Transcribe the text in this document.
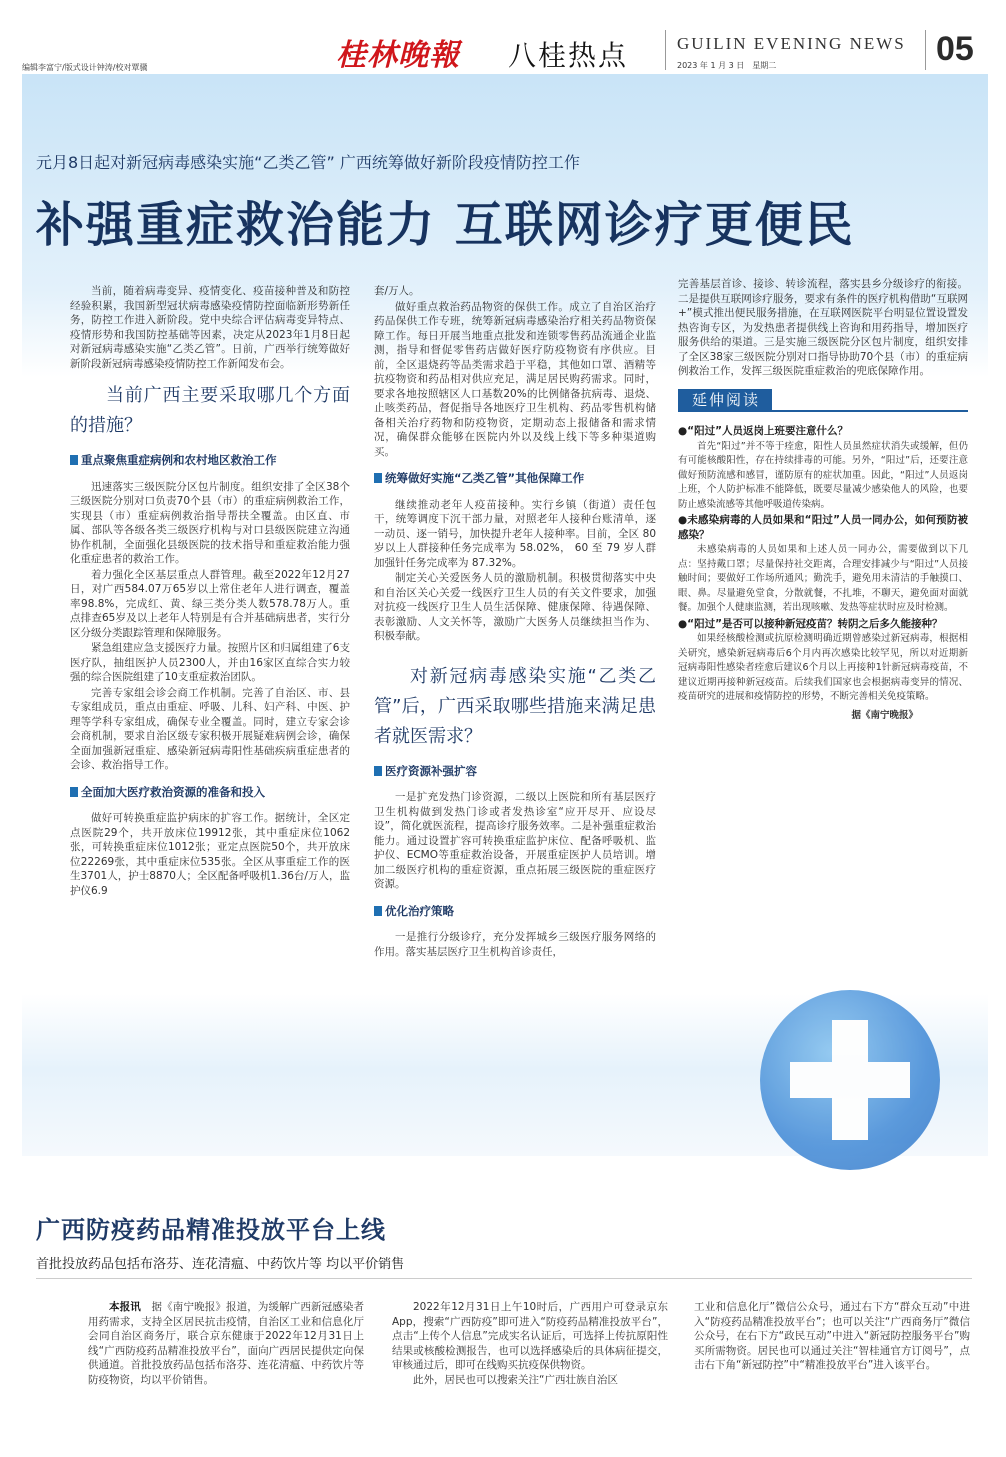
编辑李富宁/版式设计钟涛/校对覃骥	桂林晚報 八桂热点	GUILIN EVENING NEWS
2023 年 1 月 3 日　星期二	05
元月8日起对新冠病毒感染实施“乙类乙管” 广西统筹做好新阶段疫情防控工作
补强重症救治能力 互联网诊疗更便民

当前，随着病毒变异、疫情变化、疫苗接种普及和防控经验积累，我国新型冠状病毒感染疫情防控面临新形势新任务，防控工作进入新阶段。党中央综合评估病毒变异特点、疫情形势和我国防控基础等因素，决定从2023年1月8日起对新冠病毒感染实施“乙类乙管”。日前，广西举行统筹做好新阶段新冠病毒感染疫情防控工作新闻发布会。

当前广西主要采取哪几个方面的措施？
重点聚焦重症病例和农村地区救治工作

迅速落实三级医院分区包片制度。组织安排了全区38个三级医院分别对口负责70个县（市）的重症病例救治工作，实现县（市）重症病例救治指导帮扶全覆盖。由区直、市属、部队等各级各类三级医疗机构与对口县级医院建立沟通协作机制，全面强化县级医院的技术指导和重症救治能力强化重症患者的救治工作。

着力强化全区基层重点人群管理。截至2022年12月27日，对广西584.07万65岁以上常住老年人进行调查，覆盖率98.8%，完成红、黄、绿三类分类人数578.78万人。重点排查65岁及以上老年人特别是有合并基础病患者，实行分区分级分类跟踪管理和保障服务。

紧急组建应急支援医疗力量。按照片区和归属组建了6支医疗队，抽组医护人员2300人，并由16家区直综合实力较强的综合医院组建了10支重症救治团队。

完善专家组会诊会商工作机制。完善了自治区、市、县专家组成员，重点由重症、呼吸、儿科、妇产科、中医、护理等学科专家组成，确保专业全覆盖。同时，建立专家会诊会商机制，要求自治区级专家积极开展疑难病例会诊，确保全面加强新冠重症、感染新冠病毒阳性基础疾病重症患者的会诊、救治指导工作。

全面加大医疗救治资源的准备和投入

做好可转换重症监护病床的扩容工作。据统计，全区定点医院29个，共开放床位19912张，其中重症床位1062张，可转换重症床位1012张；亚定点医院50个，共开放床位22269张，其中重症床位535张。全区从事重症工作的医生3701人，护士8870人；全区配备呼吸机1.36台/万人，监护仪6.9

套/万人。

做好重点救治药品物资的保供工作。成立了自治区治疗药品保供工作专班，统筹新冠病毒感染治疗相关药品物资保障工作。每日开展当地重点批发和连锁零售药品流通企业监测，指导和督促零售药店做好医疗防疫物资有序供应。目前，全区退烧药等品类需求趋于平稳，其他如口罩、酒精等抗疫物资和药品相对供应充足，满足居民购药需求。同时，要求各地按照辖区人口基数20%的比例储备抗病毒、退烧、止咳类药品，督促指导各地医疗卫生机构、药品零售机构储备相关治疗药物和防疫物资，定期动态上报储备和需求情况，确保群众能够在医院内外以及线上线下等多种渠道购买。

统筹做好实施“乙类乙管”其他保障工作

继续推动老年人疫苗接种。实行乡镇（街道）责任包干，统筹调度下沉干部力量，对照老年人接种台账清单，逐一动员、逐一销号，加快提升老年人接种率。目前，全区 80 岁以上人群接种任务完成率为 58.02%， 60 至 79 岁人群加强针任务完成率为 87.32%。

制定关心关爱医务人员的激励机制。积极贯彻落实中央和自治区关心关爱一线医疗卫生人员的有关文件要求，加强对抗疫一线医疗卫生人员生活保障、健康保障、待遇保障、表彰激励、人文关怀等，激励广大医务人员继续担当作为、积极奉献。

对新冠病毒感染实施“乙类乙管”后，广西采取哪些措施来满足患者就医需求？
医疗资源补强扩容

一是扩充发热门诊资源，二级以上医院和所有基层医疗卫生机构做到发热门诊或者发热诊室“应开尽开、应设尽设”，简化就医流程，提高诊疗服务效率。二是补强重症救治能力。通过设置扩容可转换重症监护床位、配备呼吸机、监护仪、ECMO等重症救治设备，开展重症医护人员培训。增加二级医疗机构的重症资源，重点拓展三级医院的重症医疗资源。

优化治疗策略

一是推行分级诊疗，充分发挥城乡三级医疗服务网络的作用。落实基层医疗卫生机构首诊责任，

完善基层首诊、接诊、转诊流程，落实县乡分级诊疗的衔接。二是提供互联网诊疗服务，要求有条件的医疗机构借助“互联网+”模式推出便民服务措施，在互联网医院平台明显位置设置发热咨询专区，为发热患者提供线上咨询和用药指导，增加医疗服务供给的渠道。三是实施三级医院分区包片制度，组织安排了全区38家三级医院分别对口指导协助70个县（市）的重症病例救治工作，发挥三级医院重症救治的兜底保障作用。

延伸阅读

●“阳过”人员返岗上班要注意什么？

首先“阳过”并不等于痊愈，阳性人员虽然症状消失或缓解，但仍有可能核酸阳性，存在持续排毒的可能。另外，“阳过”后，还要注意做好预防流感和感冒，谨防原有的症状加重。因此，“阳过”人员返岗上班，个人防护标准不能降低，既要尽量减少感染他人的风险，也要防止感染流感等其他呼吸道传染病。

●未感染病毒的人员如果和“阳过”人员一同办公，如何预防被感染？

未感染病毒的人员如果和上述人员一同办公，需要做到以下几点：坚持戴口罩；尽量保持社交距离，合理安排减少与“阳过”人员接触时间；要做好工作场所通风；勤洗手，避免用未清洁的手触摸口、眼、鼻。尽量避免堂食，分散就餐，不扎堆，不聊天，避免面对面就餐。加强个人健康监测，若出现咳嗽、发热等症状时应及时检测。

●“阳过”是否可以接种新冠疫苗？转阴之后多久能接种？

如果经核酸检测或抗原检测明确近期曾感染过新冠病毒，根据相关研究，感染新冠病毒后6个月内再次感染比较罕见，所以对近期新冠病毒阳性感染者痊愈后建议6个月以上再接种1针新冠病毒疫苗，不建议近期再接种新冠疫苗。后续我们国家也会根据病毒变异的情况、疫苗研究的进展和疫情防控的形势，不断完善相关免疫策略。

据《南宁晚报》

广西防疫药品精准投放平台上线
首批投放药品包括布洛芬、连花清瘟、中药饮片等 均以平价销售

本报讯　 据《南宁晚报》报道，为缓解广西新冠感染者用药需求，支持全区居民抗击疫情，自治区工业和信息化厅会同自治区商务厅，联合京东健康于2022年12月31日上线“广西防疫药品精准投放平台”，面向广西居民提供定向保供通道。首批投放药品包括布洛芬、连花清瘟、中药饮片等防疫物资，均以平价销售。

2022年12月31日上午10时后，广西用户可登录京东App，搜索“广西防疫”即可进入“防疫药品精准投放平台”，点击“上传个人信息”完成实名认证后，可选择上传抗原阳性结果或核酸检测报告，也可以选择感染后的具体病征提交，审核通过后，即可在线购买抗疫保供物资。

此外，居民也可以搜索关注“广西壮族自治区

工业和信息化厅”微信公众号，通过右下方“群众互动”中进入“防疫药品精准投放平台”；也可以关注“广西商务厅”微信公众号，在右下方“政民互动”中进入“新冠防控服务平台”购买所需物资。居民也可以通过关注“智桂通官方订阅号”，点击右下角“新冠防控”中“精准投放平台”进入该平台。
